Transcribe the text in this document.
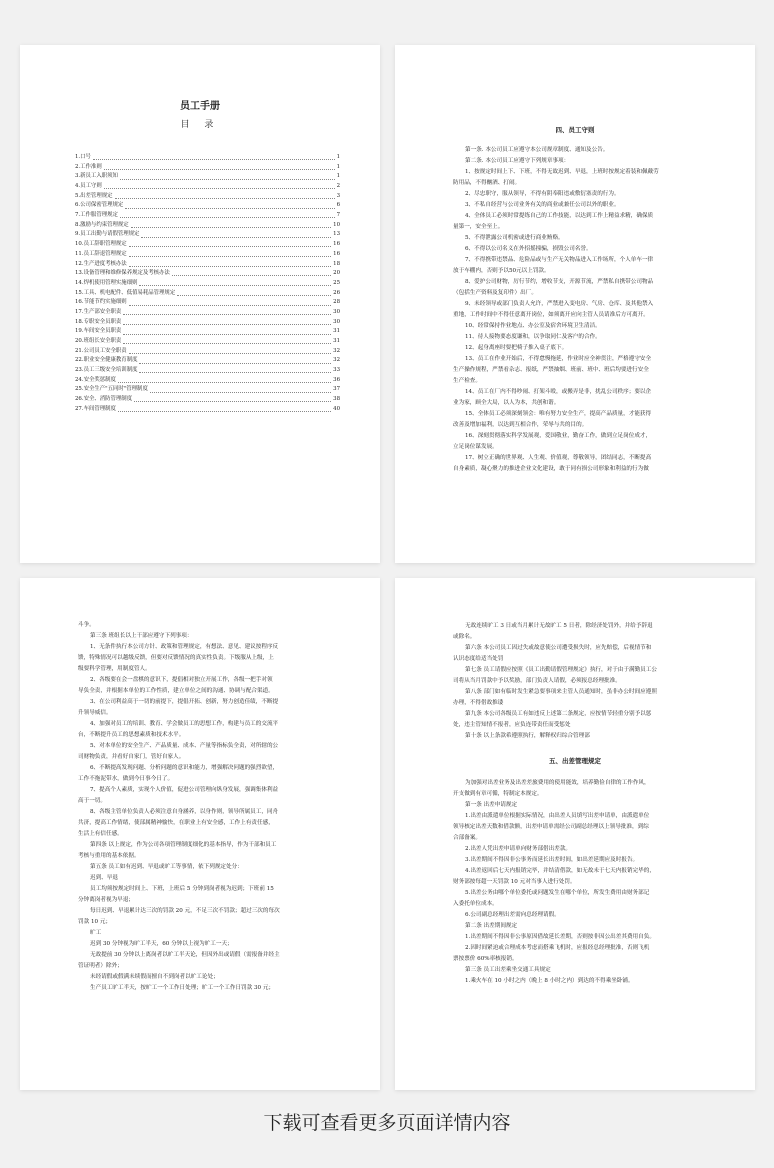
员工手册
目 录
1.口号	1
2.工作准则	1
3.新员工入职须知	1
4.员工守则	2
5.出差管理规定	3
6.公司保密管理规定	6
7.工作服管理规定	7
8.激励与约束管理规定	10
9.员工出勤与请假管理规定	13
10.员工辞职管理规定	16
11.员工辞退管理规定	16
12.生产进度考核办法	18
13.设备管理和维修保养规定及考核办法	20
14.焊机使用管理实施细则	25
15.工具、机电配件、低值易耗品管理规定	26
16.节能节约实施细则	28
17.生产部安全职责	30
18.专职安全员职责	30
19.车间安全员职责	31
20.班组长安全职责	31
21.公司员工安全职责	32
22.职业安全健康教育制度	32
23.员工三级安全培训制度	33
24.安全奖惩制度	36
25.安全生产"五同时"管理制度	37
26.安全、消防管理制度	38
27.车间管理制度	40
四、员工守则
第一条. 本公司员工应遵守本公司规章制度、通知及公告。
第二条. 本公司员工应遵守下列规章事项：
1、按规定时间上下、下班，不得无故迟到、早退，上班时按规定着装和佩戴劳
防用品，不得酗酒、打闹。
2、尽忠职守，服从领导，不得有阴奉阳违或敷衍塞责的行为。
3、不私自经营与公司业务有关的商业或兼任公司以外的职业。
4、全体员工必须时常提练自己的工作技能，以达到工作上精益求精，确保质
量第一，安全至上。
5、不得泄露公司机密或进行商业贿赂。
6、不得以公司名义在外招摇撞骗，损毁公司名誉。
7、不得携带违禁品、危险品或与生产无关物品进入工作场所，个人单车一律
放于车棚内，否则予以50元以上罚款。
8、爱护公司财物，厉行节约，增收节支，开源节流，严禁私自携带公司物品
（包括生产资料及复印件）出厂。
9、未经领导或部门负责人允许，严禁进入变电房、气房、仓库、及其他禁入
重地，工作时间中不得任意离开岗位，如须离开应向主管人员请准后方可离开。
10、经常保持作业地点、办公室及宿舍环境卫生清洁。
11、待人接物要态度谦和，以争取同仁及客户的合作。
12、起身离座时要把椅子推入桌子底下。
13、员工在作业开始后，不得怠慢拖延，作业时应全神贯注，严格遵守安全
生产操作规程，严禁看杂志、报纸，严禁抽烟、班前、班中、班后均要进行安全
生产检查。
14、员工在厂内不得吵闹、打架斗殴，或搬弄是非，扰乱公司秩序；要以企
业为家，顾全大局，以人为本，共创和谐。
15、全体员工必须深刻领会：唯有努力安全生产，提高产品质量，才能获得
改善及增加福利，以达到互相合作，荣辱与共的目的。
16、深刻贯彻落实科学发展观，爱国敬业，勤奋工作，做到立足岗位成才，
立足岗位谋发展。
17、树立正确的世界观、人生观、价值观，尊敬领导，团结同志，不断提高
自身素质，凝心聚力的推进企业文化建设，敢于同有损公司形象和利益的行为做
斗争。
第三条 班组长以上干部应遵守下列事项：
1、无条件执行本公司方针、政策和管理规定，有想法、意见、建议按程序反
馈，特殊情况可以越级反馈，但要对反馈情况的真实性负责。下级服从上级，上
级要科学管理，用制度管人。
2、各级要在会一盘棋的意识下，提倡相对独立开展工作，各级一把手对领
导负全责，并根据本单位的工作性质，建立单位之间的沟通、协调与配合渠道。
3、在公司利益高于一切的前提下，提倡开拓、创新，努力创造佳绩，不断提
升领导威信。
4、加强对员工的培训、教育、学会做员工的思想工作，构建与员工的交流平
台，不断提升员工的思想素质和技术水平。
5、对本单位的安全生产、产品质量、成本、产量等指标负全责，对所辖的公
司财物负责，并看好自家门，管好自家人。
6、不断提高发现问题、分析问题的意识和能力，增强解决问题的强烈欲望，
工作不拖泥带水，做到今日事今日了。
7、提高个人素质，实现个人价值，促进公司管理向纵身发展，强调集体利益
高于一切。
8、各级主管单位负责人必须注意自身涵养，以身作则，领导所属员工，同舟
共济，提高工作情绪，使部属精神愉快，在职业上有安全感，工作上有责任感，
生活上有信任感。
第四条 以上规定，作为公司各项管理制度细化的基本指导，作为干部和员工
考核与重用的基本依据。
第五条 员工如有迟到、早退或旷工等事情，依下列规定处分：
迟到、早退
员工均须按规定时间上、下班，上班后 5 分钟到岗者视为迟到；下班前 15
分钟离岗者视为早退；
每日迟到、早退累计达三次的罚款 20 元，不足三次不罚款；超过三次的每次
罚款 10 元；
旷工
迟到 30 分钟视为旷工半天，60 分钟以上视为旷工一天；
无故提前 30 分钟以上离岗者以旷工半天论，但因外出或请假（需报备并经主
管证明者）除外；
未经请假或假满未续假而擅自不到岗者以旷工论处；
生产员工旷工半天，按旷工一个工作日处理；旷工一个工作日罚款 30 元；
无故连续旷工 3 日或当月累计无故旷工 5 日者，除经济处罚外，并给予辞退
或除名。
第六条 本公司员工因过失或故意使公司遭受损失时，应先赔偿，后视情节和
认识态度给适当处罚
第七条 员工请假应按照《员工出勤请假管理规定》执行，对于由于满勤员工公
司将从当月罚款中予以奖励，部门负责人请假，必须报总经理批准。
第八条 部门如有临时发生紧急要事项来主管人员通知时，虽非办公时间应遵照
办理，不得借故推诿
第九条 本公司各级员工有如违反上述第二条规定，应按情节轻重分别予以惩
处，违主管知情不报者，应负连带责任而受惩处
第十条 以上条款希遵照执行，解释权归综合管理部
五、出差管理规定
为加强对出差业务及出差差旅费用的使用能效，培养勤俭自律的工作作风，
开支做到有章可循，特制定本规定。
第一条 出差申请规定
1.出差由派遣单位根据实际情况，由出差人员填写出差申请单，由派遣单位
领导核定出差天数和借款额，出差申请单需经公司副总经理以上领导批准，到综
合部备案。
2.出差人凭出差申请单向财务部借出差款。
3.出差期间不得因非公事务而延长出差时间，如出差延期应及时报告。
4.出差返回后七天内报销完毕，并结清借款，如无故未于七天内报销完毕的，
财务部按每超一天罚款 10 元对当事人进行处罚。
5.出差公务由哪个单位委托或问题发生在哪个单位，所发生费用由财务部记
入委托单位成本。
6.公司副总经理出差需向总经理请假。
第二条 出差期间规定
1.出差期间不得因非公事原因借故延长差期，否则按非因公出差其费用自负。
2.因时间紧迫或合理成本考虑而搭乘飞机时，应报经总经理批准，否则飞机
票按票价 60%率核报销。
第三条 员工出差乘坐交通工具规定
1.乘火车在 10 小时之内（晚上 8 小时之内）到达的不得乘坐卧铺。
下载可查看更多页面详情内容
